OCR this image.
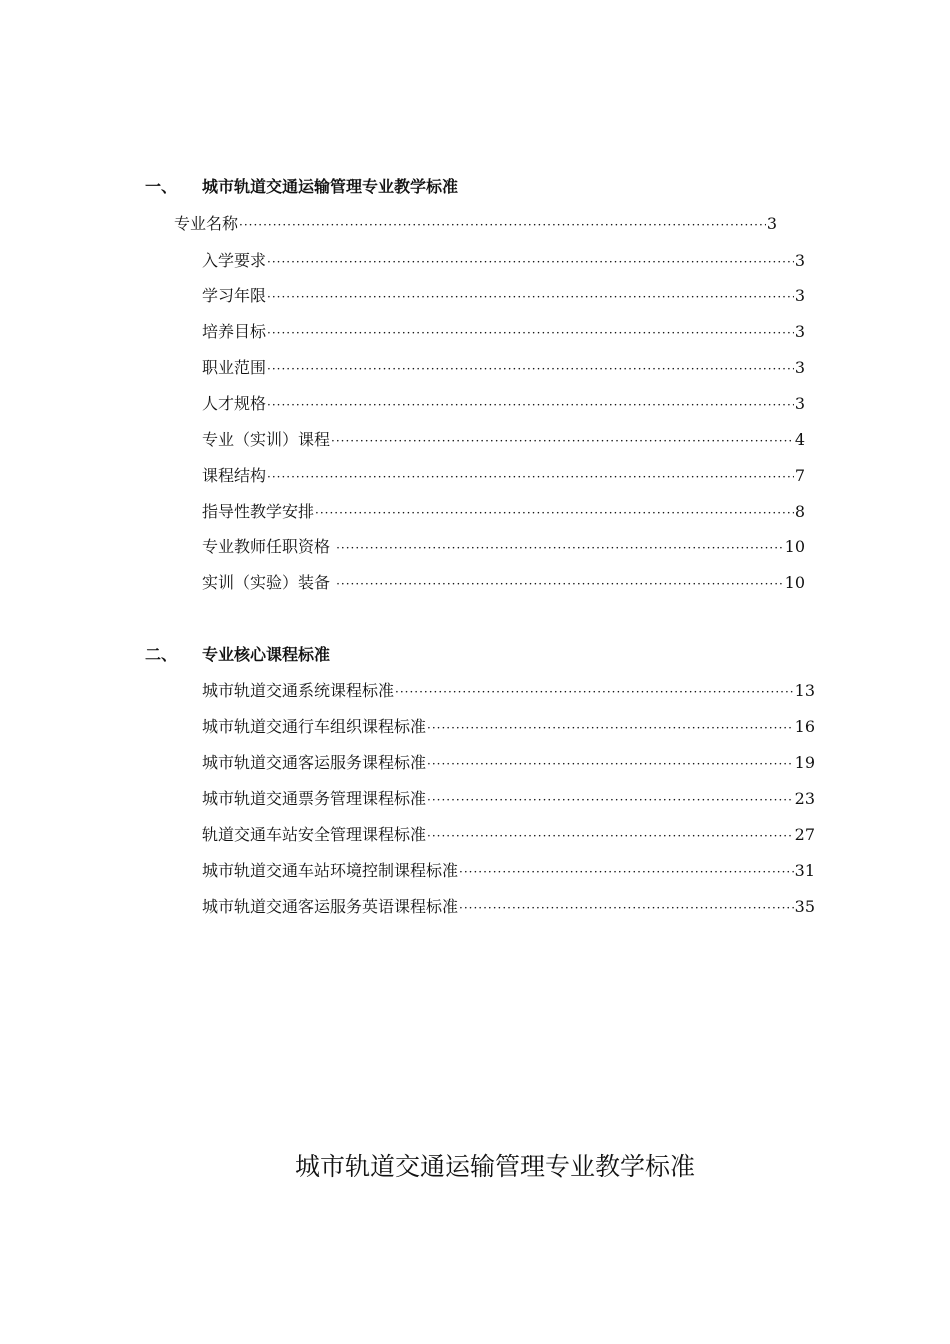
一、 城市轨道交通运输管理专业教学标准
专业名称 ·····	3
入学要求 ·····	3
学习年限 ·····	3
培养目标 ·····	3
职业范围 ·····	3
人才规格 ·····	3
专业（实训）课程 ·····	4
课程结构 ·····	7
指导性教学安排 ·····	8
专业教师任职资格 ·····	10
实训（实验）装备 ·····	10
二、 专业核心课程标准
城市轨道交通系统课程标准 ·····	13
城市轨道交通行车组织课程标准 ·····	16
城市轨道交通客运服务课程标准 ·····	19
城市轨道交通票务管理课程标准 ·····	23
轨道交通车站安全管理课程标准 ·····	27
城市轨道交通车站环境控制课程标准 ·····	31
城市轨道交通客运服务英语课程标准 ·····	35
城市轨道交通运输管理专业教学标准
